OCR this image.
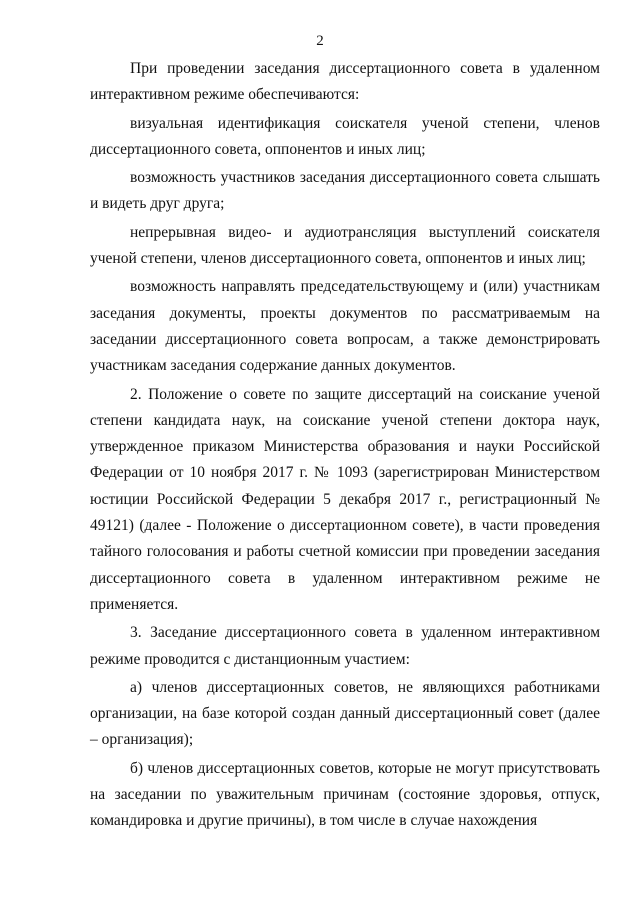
2

При проведении заседания диссертационного совета в удаленном интерактивном режиме обеспечиваются:

визуальная идентификация соискателя ученой степени, членов диссертационного совета, оппонентов и иных лиц;

возможность участников заседания диссертационного совета слышать и видеть друг друга;

непрерывная видео- и аудиотрансляция выступлений соискателя ученой степени, членов диссертационного совета, оппонентов и иных лиц;

возможность направлять председательствующему и (или) участникам заседания документы, проекты документов по рассматриваемым на заседании диссертационного совета вопросам, а также демонстрировать участникам заседания содержание данных документов.

2. Положение о совете по защите диссертаций на соискание ученой степени кандидата наук, на соискание ученой степени доктора наук, утвержденное приказом Министерства образования и науки Российской Федерации от 10 ноября 2017 г. № 1093 (зарегистрирован Министерством юстиции Российской Федерации 5 декабря 2017 г., регистрационный № 49121) (далее - Положение о диссертационном совете), в части проведения тайного голосования и работы счетной комиссии при проведении заседания диссертационного совета в удаленном интерактивном режиме не применяется.

3. Заседание диссертационного совета в удаленном интерактивном режиме проводится с дистанционным участием:

а) членов диссертационных советов, не являющихся работниками организации, на базе которой создан данный диссертационный совет (далее – организация);

б) членов диссертационных советов, которые не могут присутствовать на заседании по уважительным причинам (состояние здоровья, отпуск, командировка и другие причины), в том числе в случае нахождения
